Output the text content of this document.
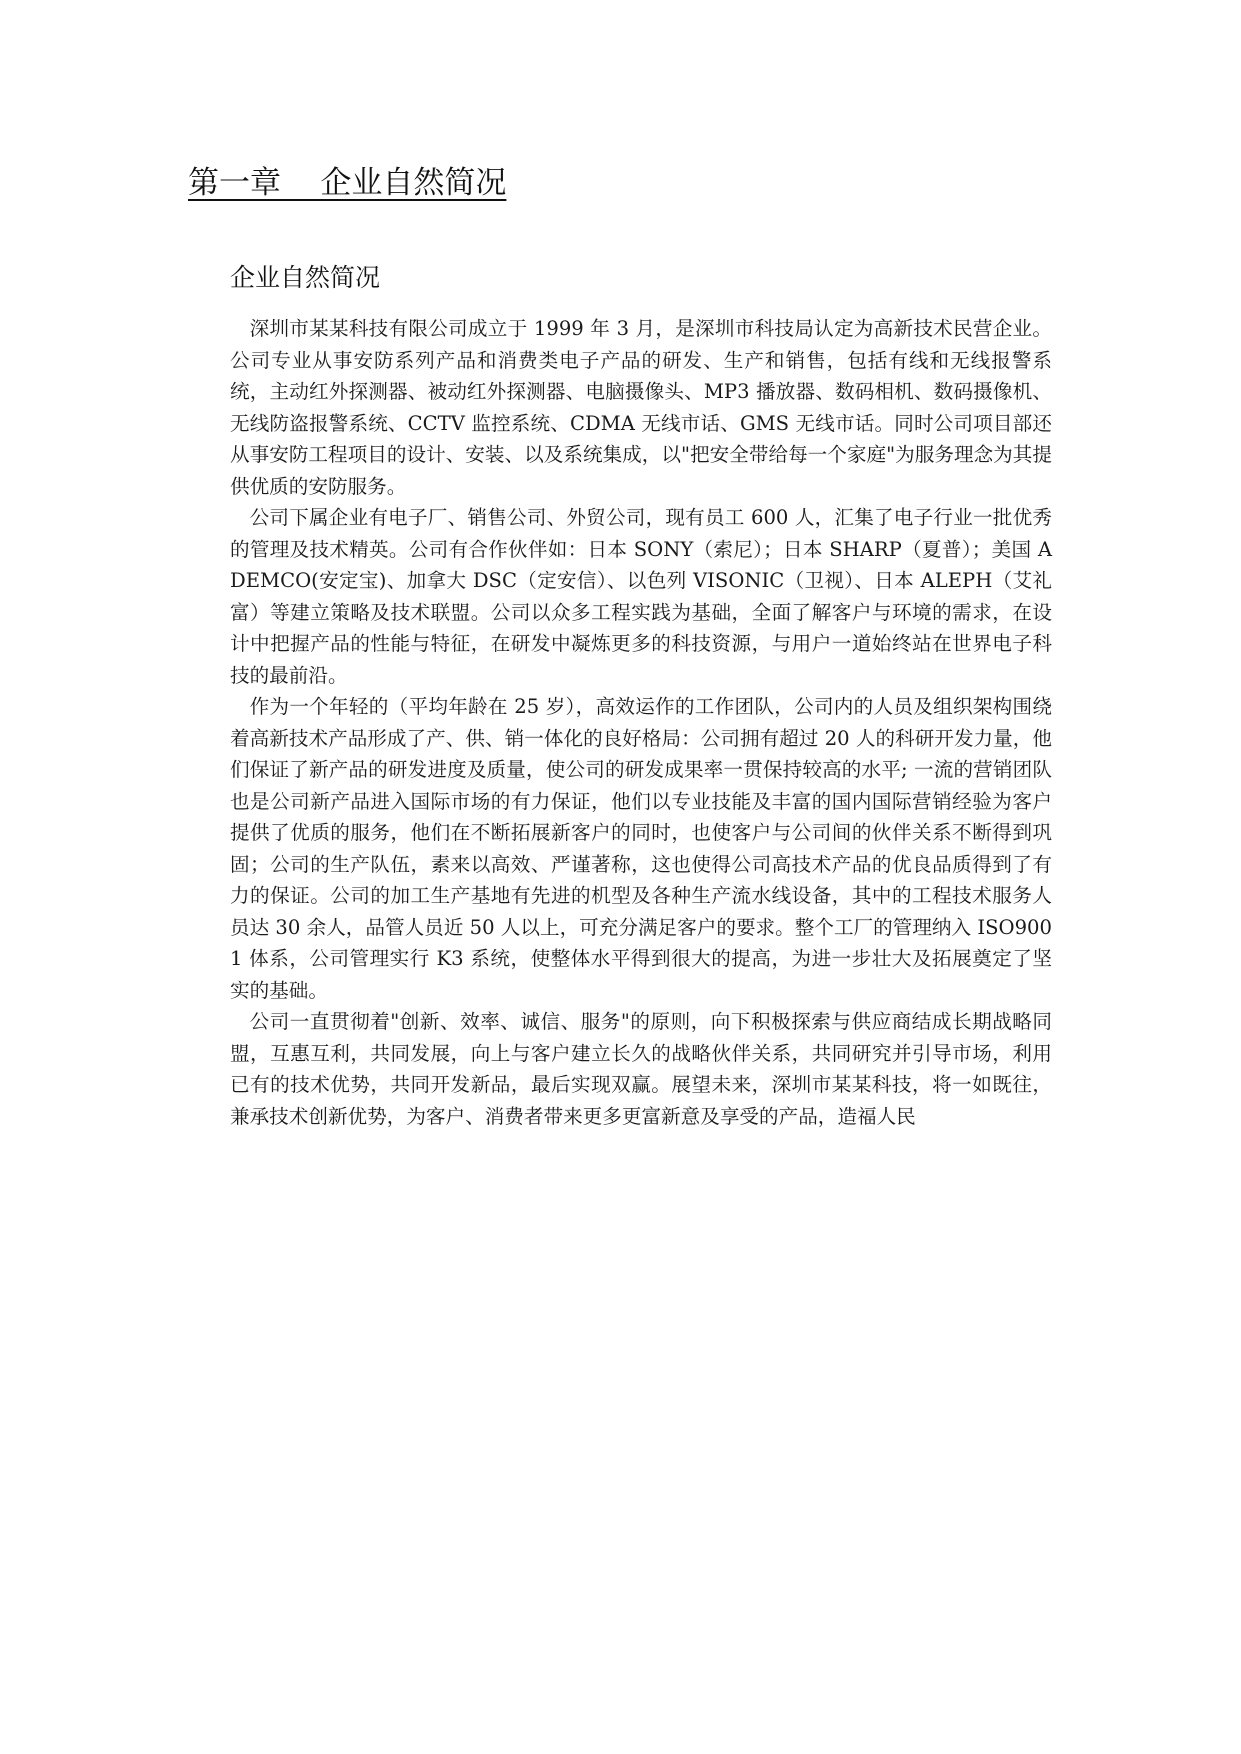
第一章    企业自然简况
企业自然简况

深圳市某某科技有限公司成立于 1999 年 3 月，是深圳市科技局认定为高新技术民营企业。公司专业从事安防系列产品和消费类电子产品的研发、生产和销售，包括有线和无线报警系统，主动红外探测器、被动红外探测器、电脑摄像头、MP3 播放器、数码相机、数码摄像机、无线防盗报警系统、CCTV 监控系统、CDMA 无线市话、GMS 无线市话。同时公司项目部还从事安防工程项目的设计、安装、以及系统集成，以"把安全带给每一个家庭"为服务理念为其提供优质的安防服务。

公司下属企业有电子厂、销售公司、外贸公司，现有员工 600 人，汇集了电子行业一批优秀的管理及技术精英。公司有合作伙伴如：日本 SONY（索尼）；日本 SHARP（夏普）；美国 ADEMCO(安定宝)、加拿大 DSC（定安信）、以色列 VISONIC（卫视）、日本 ALEPH（艾礼富）等建立策略及技术联盟。公司以众多工程实践为基础，全面了解客户与环境的需求，在设计中把握产品的性能与特征，在研发中凝炼更多的科技资源，与用户一道始终站在世界电子科技的最前沿。

作为一个年轻的（平均年龄在 25 岁），高效运作的工作团队，公司内的人员及组织架构围绕着高新技术产品形成了产、供、销一体化的良好格局：公司拥有超过 20 人的科研开发力量，他们保证了新产品的研发进度及质量，使公司的研发成果率一贯保持较高的水平; 一流的营销团队也是公司新产品进入国际市场的有力保证，他们以专业技能及丰富的国内国际营销经验为客户提供了优质的服务，他们在不断拓展新客户的同时，也使客户与公司间的伙伴关系不断得到巩固；公司的生产队伍，素来以高效、严谨著称，这也使得公司高技术产品的优良品质得到了有力的保证。公司的加工生产基地有先进的机型及各种生产流水线设备，其中的工程技术服务人员达 30 余人，品管人员近 50 人以上，可充分满足客户的要求。整个工厂的管理纳入 ISO9001 体系，公司管理实行 K3 系统，使整体水平得到很大的提高，为进一步壮大及拓展奠定了坚实的基础。

公司一直贯彻着"创新、效率、诚信、服务"的原则，向下积极探索与供应商结成长期战略同盟，互惠互利，共同发展，向上与客户建立长久的战略伙伴关系，共同研究并引导市场，利用已有的技术优势，共同开发新品，最后实现双赢。展望未来，深圳市某某科技，将一如既往，兼承技术创新优势，为客户、消费者带来更多更富新意及享受的产品，造福人民
